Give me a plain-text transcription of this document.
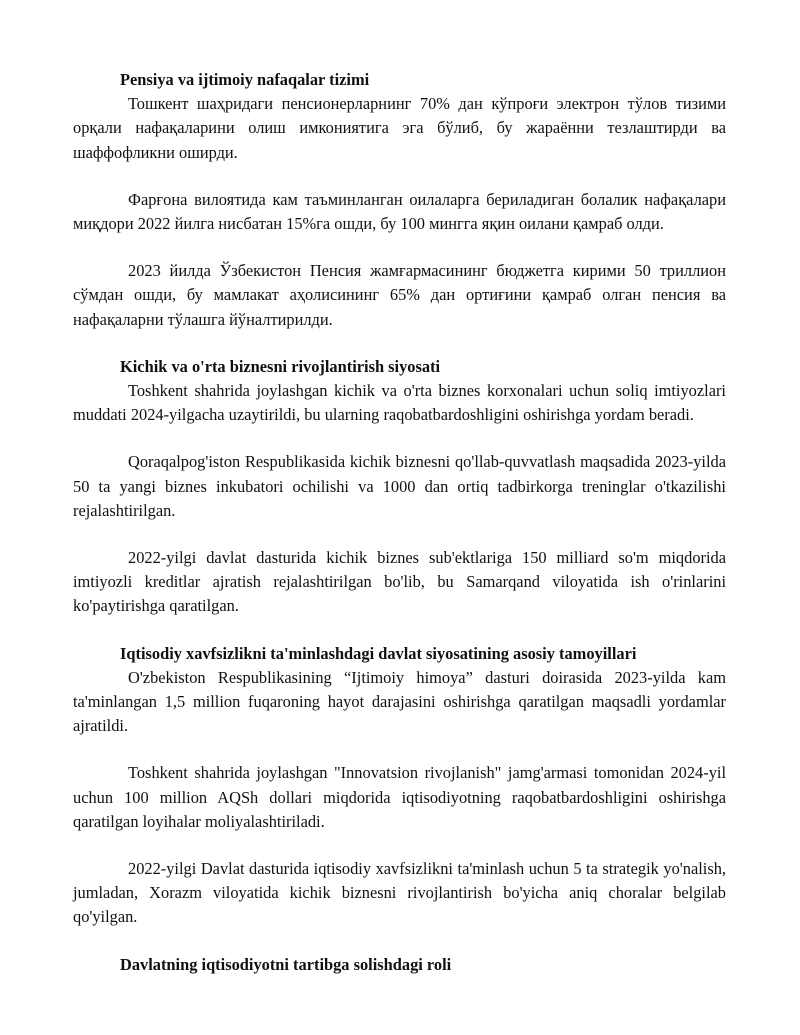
Pensiya va ijtimoiy nafaqalar tizimi

Тошкент шаҳридаги пенсионерларнинг 70% дан кўпроғи электрон тўлов тизими орқали нафақаларини олиш имкониятига эга бўлиб, бу жараённи тезлаштирди ва шаффофликни оширди.

Фарғона вилоятида кам таъминланган оилаларга бериладиган болалик нафақалари миқдори 2022 йилга нисбатан 15%га ошди, бу 100 мингга яқин оилани қамраб олди.

2023 йилда Ўзбекистон Пенсия жамғармасининг бюджетга кирими 50 триллион сўмдан ошди, бу мамлакат аҳолисининг 65% дан ортиғини қамраб олган пенсия ва нафақаларни тўлашга йўналтирилди.

Kichik va o'rta biznesni rivojlantirish siyosati

Toshkent shahrida joylashgan kichik va o'rta biznes korxonalari uchun soliq imtiyozlari muddati 2024-yilgacha uzaytirildi, bu ularning raqobatbardoshligini oshirishga yordam beradi.

Qoraqalpog'iston Respublikasida kichik biznesni qo'llab-quvvatlash maqsadida 2023-yilda 50 ta yangi biznes inkubatori ochilishi va 1000 dan ortiq tadbirkorga treninglar o'tkazilishi rejalashtirilgan.

2022-yilgi davlat dasturida kichik biznes sub'ektlariga 150 milliard so'm miqdorida imtiyozli kreditlar ajratish rejalashtirilgan bo'lib, bu Samarqand viloyatida ish o'rinlarini ko'paytirishga qaratilgan.

Iqtisodiy xavfsizlikni ta'minlashdagi davlat siyosatining asosiy tamoyillari

O'zbekiston Respublikasining “Ijtimoiy himoya” dasturi doirasida 2023-yilda kam ta'minlangan 1,5 million fuqaroning hayot darajasini oshirishga qaratilgan maqsadli yordamlar ajratildi.

Toshkent shahrida joylashgan "Innovatsion rivojlanish" jamg'armasi tomonidan 2024-yil uchun 100 million AQSh dollari miqdorida iqtisodiyotning raqobatbardoshligini oshirishga qaratilgan loyihalar moliyalashtiriladi.

2022-yilgi Davlat dasturida iqtisodiy xavfsizlikni ta'minlash uchun 5 ta strategik yo'nalish, jumladan, Xorazm viloyatida kichik biznesni rivojlantirish bo'yicha aniq choralar belgilab qo'yilgan.

Davlatning iqtisodiyotni tartibga solishdagi roli
